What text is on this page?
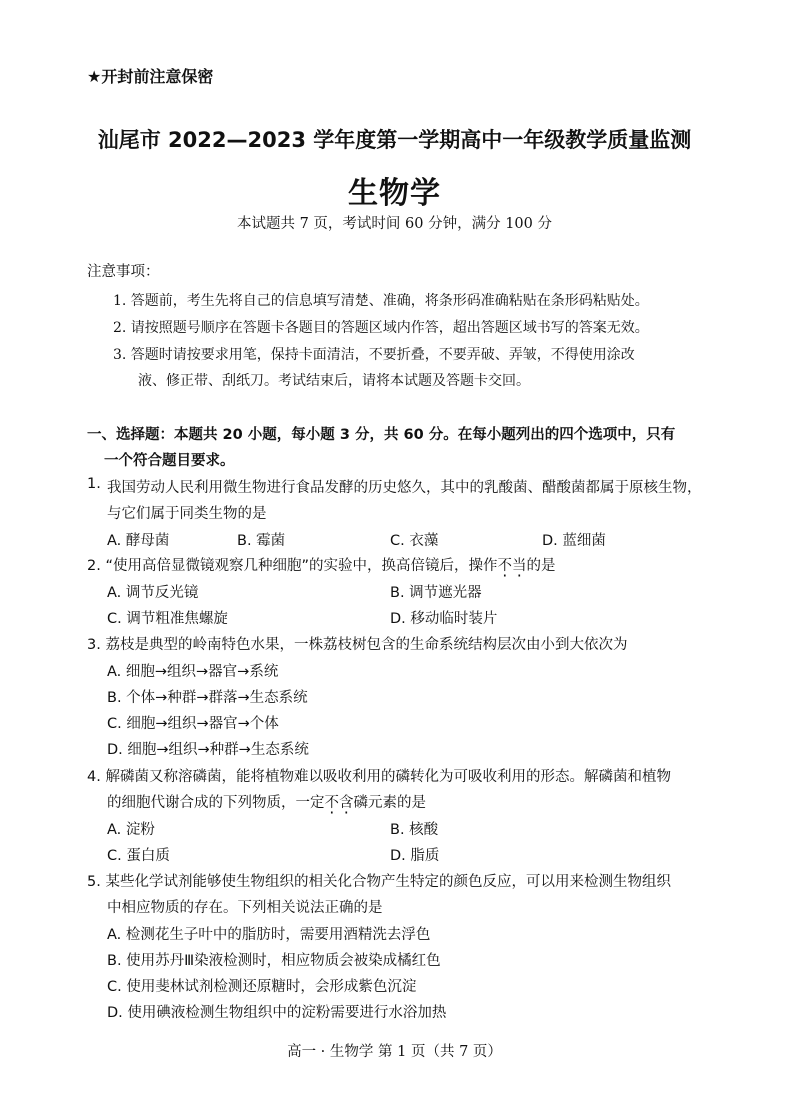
★开封前注意保密
汕尾市 2022—2023 学年度第一学期高中一年级教学质量监测
生物学
本试题共 7 页，考试时间 60 分钟，满分 100 分
注意事项：
1. 答题前，考生先将自己的信息填写清楚、准确，将条形码准确粘贴在条形码粘贴处。
2. 请按照题号顺序在答题卡各题目的答题区域内作答，超出答题区域书写的答案无效。
3. 答题时请按要求用笔，保持卡面清洁，不要折叠，不要弄破、弄皱，不得使用涂改
液、修正带、刮纸刀。考试结束后，请将本试题及答题卡交回。
一、选择题：本题共 20 小题，每小题 3 分，共 60 分。在每小题列出的四个选项中，只有
一个符合题目要求。
1. 我国劳动人民利用微生物进行食品发酵的历史悠久，其中的乳酸菌、醋酸菌都属于原核生物，
与它们属于同类生物的是
A. 酵母菌	B. 霉菌	C. 衣藻	D. 蓝细菌
2. “使用高倍显微镜观察几种细胞”的实验中，换高倍镜后，操作不当的是
A. 调节反光镜	B. 调节遮光器
C. 调节粗准焦螺旋	D. 移动临时装片
3. 荔枝是典型的岭南特色水果，一株荔枝树包含的生命系统结构层次由小到大依次为
A. 细胞→组织→器官→系统
B. 个体→种群→群落→生态系统
C. 细胞→组织→器官→个体
D. 细胞→组织→种群→生态系统
4. 解磷菌又称溶磷菌，能将植物难以吸收利用的磷转化为可吸收利用的形态。解磷菌和植物
的细胞代谢合成的下列物质，一定不含磷元素的是
A. 淀粉	B. 核酸
C. 蛋白质	D. 脂质
5. 某些化学试剂能够使生物组织的相关化合物产生特定的颜色反应，可以用来检测生物组织
中相应物质的存在。下列相关说法正确的是
A. 检测花生子叶中的脂肪时，需要用酒精洗去浮色
B. 使用苏丹Ⅲ染液检测时，相应物质会被染成橘红色
C. 使用斐林试剂检测还原糖时，会形成紫色沉淀
D. 使用碘液检测生物组织中的淀粉需要进行水浴加热
高一 · 生物学 第 1 页（共 7 页）
